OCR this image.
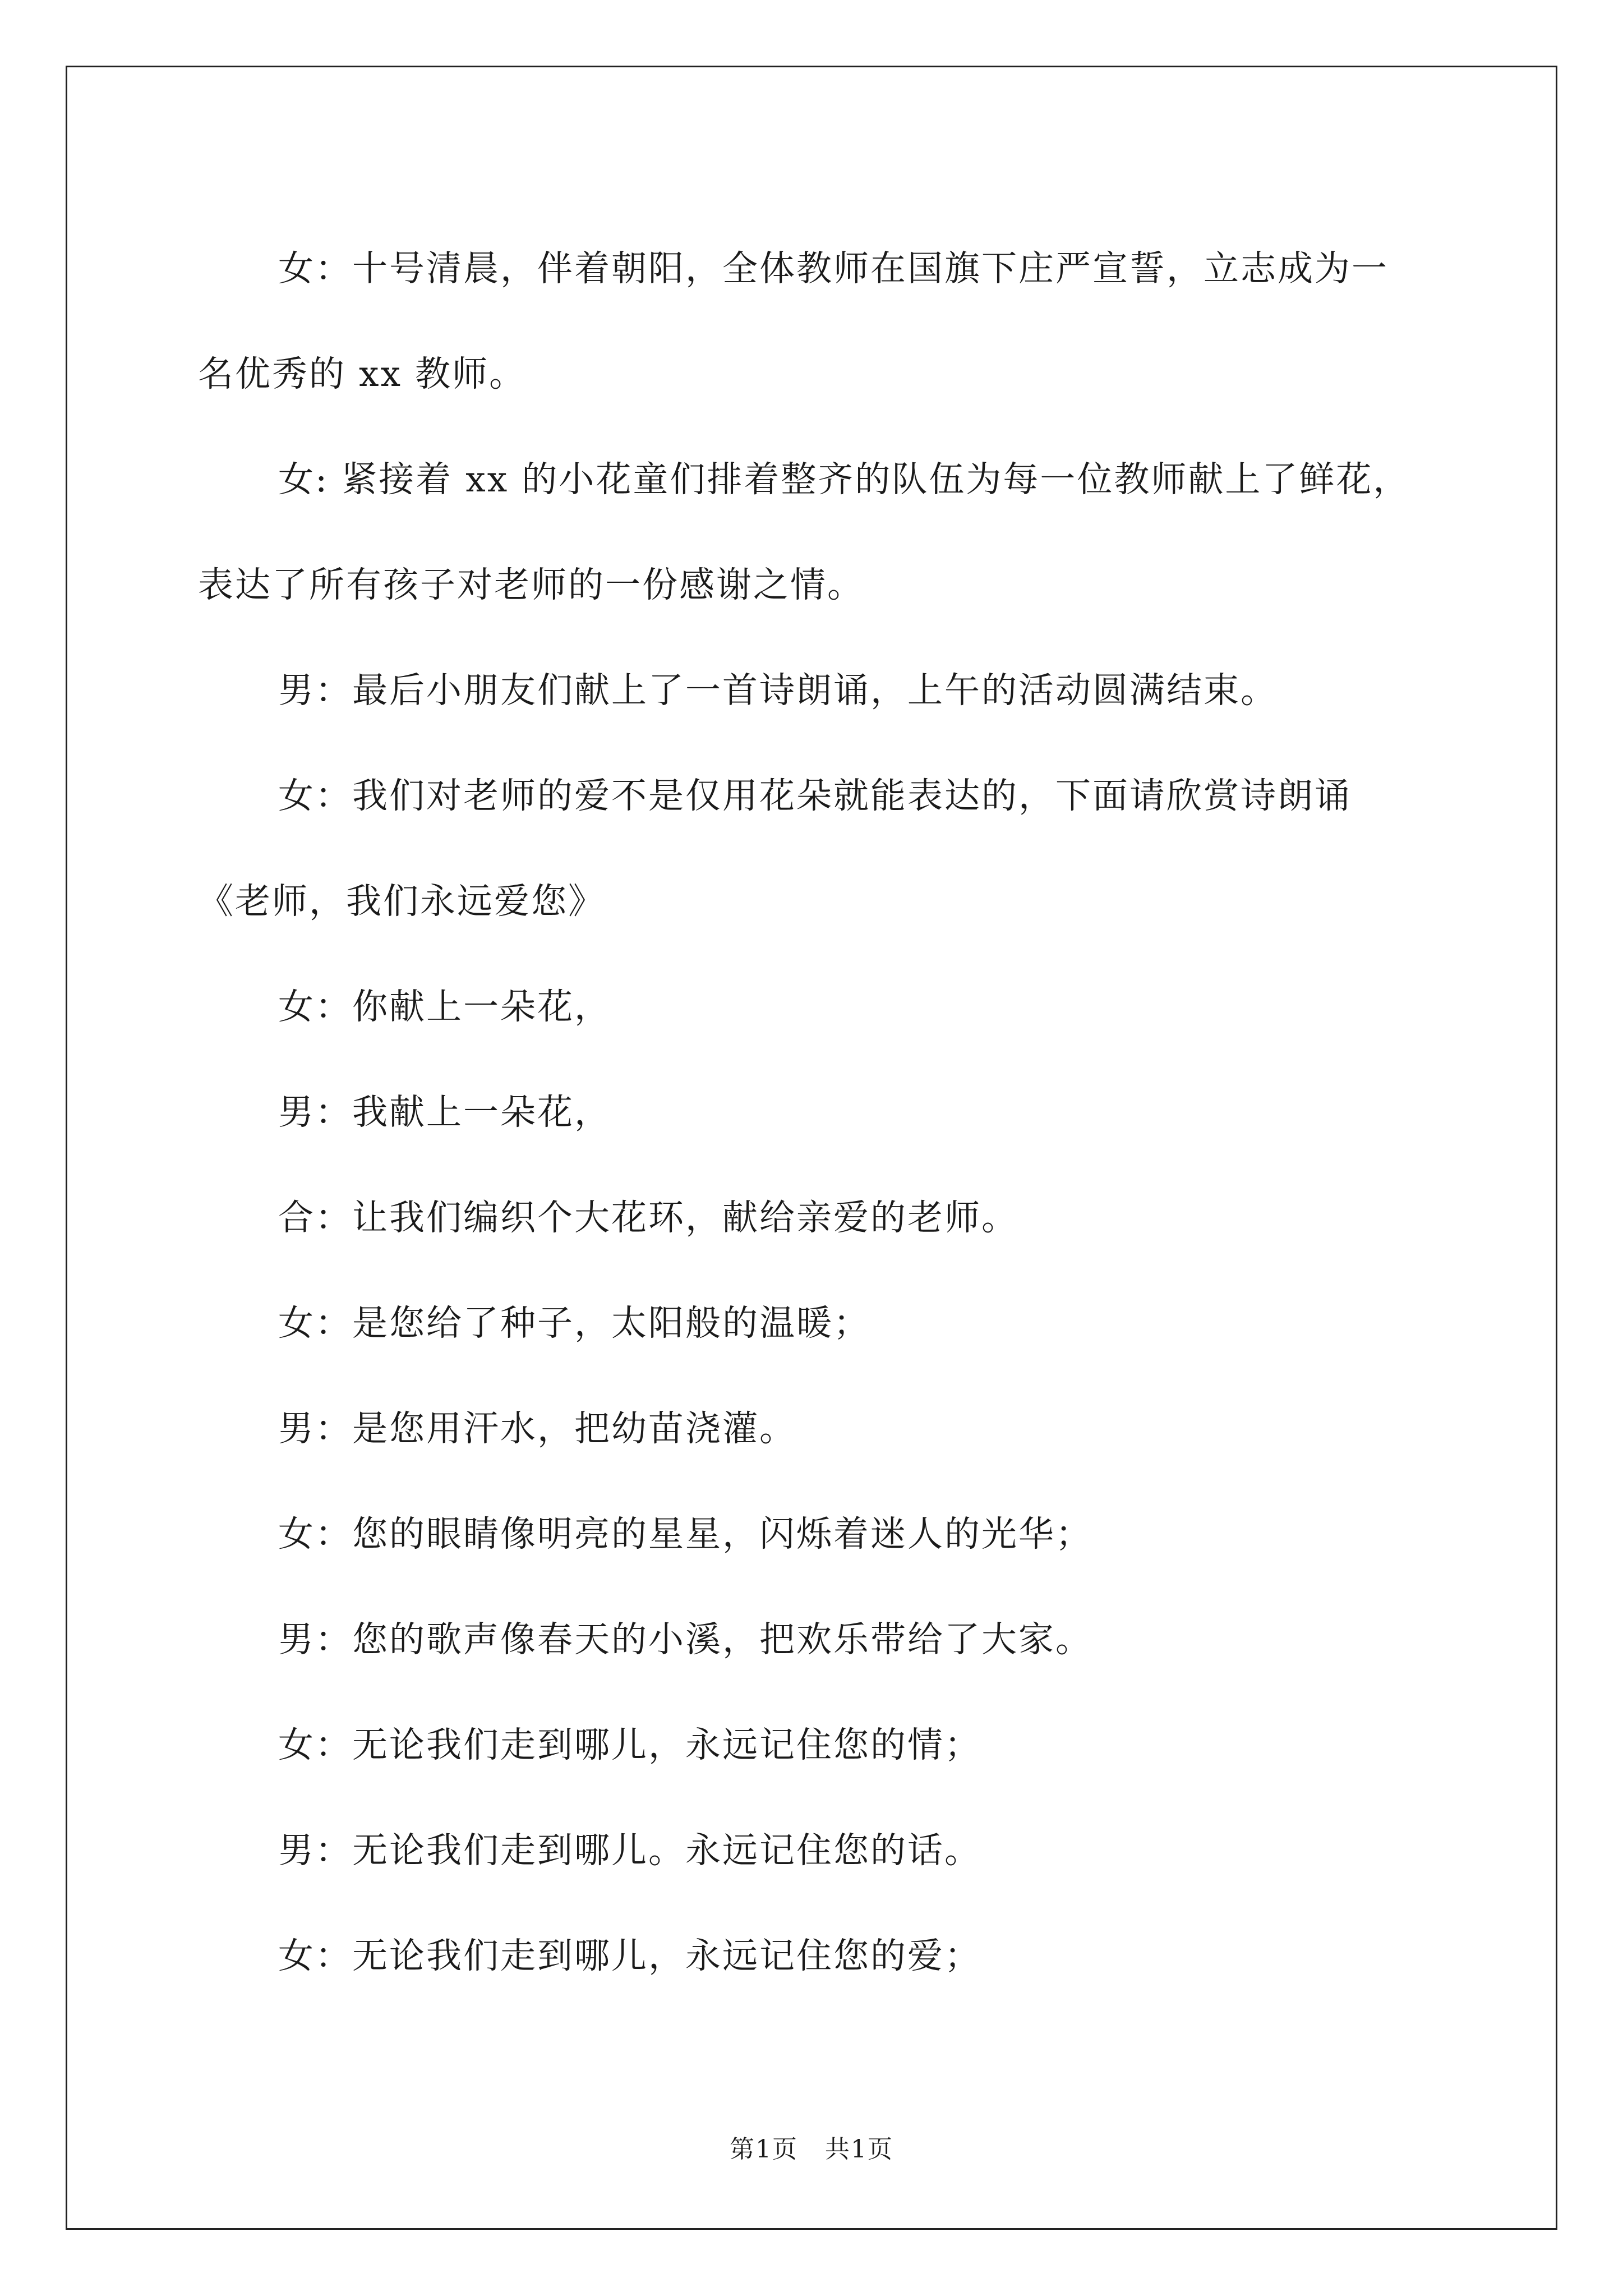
女：十号清晨，伴着朝阳，全体教师在国旗下庄严宣誓，立志成为一名优秀的 xx 教师。

女: 紧接着 xx 的小花童们排着整齐的队伍为每一位教师献上了鲜花，表达了所有孩子对老师的一份感谢之情。

男：最后小朋友们献上了一首诗朗诵，上午的活动圆满结束。

女：我们对老师的爱不是仅用花朵就能表达的，下面请欣赏诗朗诵《老师，我们永远爱您》

女：你献上一朵花，

男：我献上一朵花，

合：让我们编织个大花环，献给亲爱的老师。

女：是您给了种子，太阳般的温暖；

男：是您用汗水，把幼苗浇灌。

女：您的眼睛像明亮的星星，闪烁着迷人的光华；

男：您的歌声像春天的小溪，把欢乐带给了大家。

女：无论我们走到哪儿，永远记住您的情；

男：无论我们走到哪儿。永远记住您的话。

女：无论我们走到哪儿，永远记住您的爱；

第1页 共1页
